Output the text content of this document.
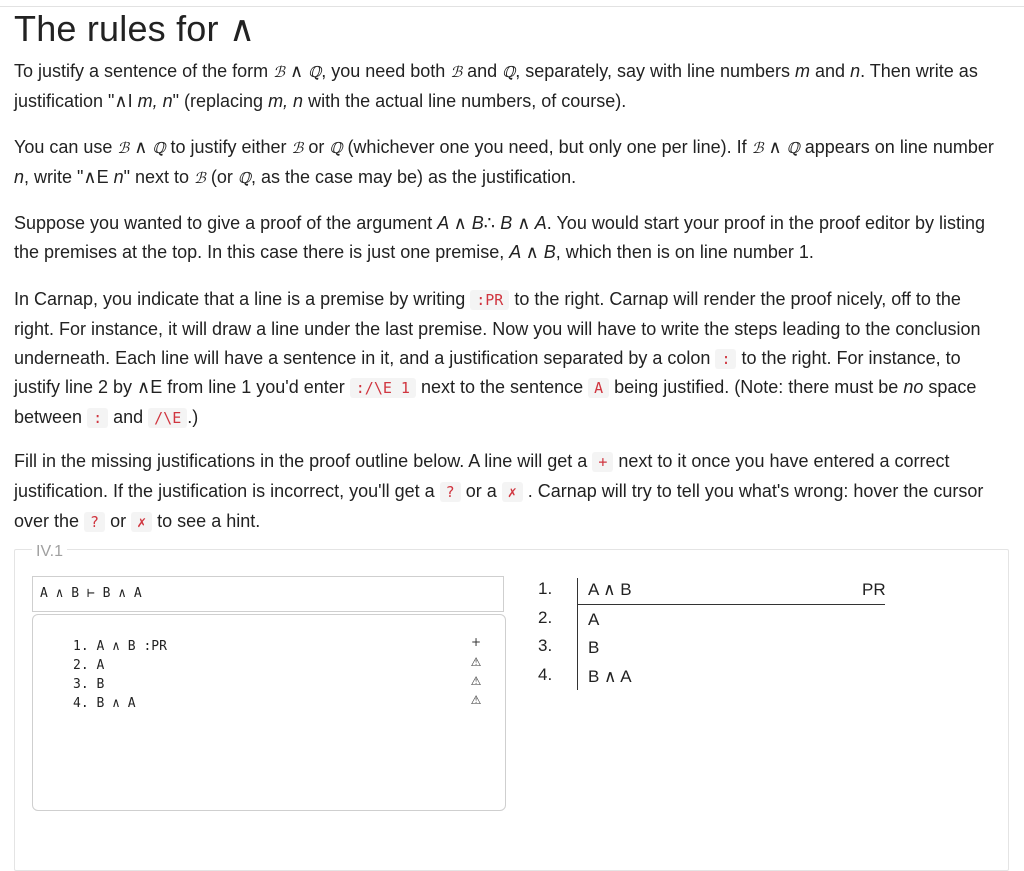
The rules for ∧

To justify a sentence of the form ℬ ∧ ℚ, you need both ℬ and ℚ, separately, say with line numbers m and n. Then write as justification "∧I m, n" (replacing m, n with the actual line numbers, of course).

You can use ℬ ∧ ℚ to justify either ℬ or ℚ (whichever one you need, but only one per line). If ℬ ∧ ℚ appears on line number n, write "∧E n" next to ℬ (or ℚ, as the case may be) as the justification.

Suppose you wanted to give a proof of the argument A ∧ B∴ B ∧ A. You would start your proof in the proof editor by listing the premises at the top. In this case there is just one premise, A ∧ B, which then is on line number 1.

In Carnap, you indicate that a line is a premise by writing :PR to the right. Carnap will render the proof nicely, off to the right. For instance, it will draw a line under the last premise. Now you will have to write the steps leading to the conclusion underneath. Each line will have a sentence in it, and a justification separated by a colon : to the right. For instance, to justify line 2 by ∧E from line 1 you'd enter :/\E 1 next to the sentence A being justified. (Note: there must be no space between : and /\E .)

Fill in the missing justifications in the proof outline below. A line will get a + next to it once you have entered a correct justification. If the justification is incorrect, you'll get a ? or a ✗ . Carnap will try to tell you what's wrong: hover the cursor over the ? or ✗ to see a hint.

IV.1
A ∧ B ⊢ B ∧ A
1. A ∧ B :PR
2. A
3. B
4. B ∧ A
+
⚠
⚠
⚠
1.	A ∧ B	PR
2.	A
3.	B
4.	B ∧ A
